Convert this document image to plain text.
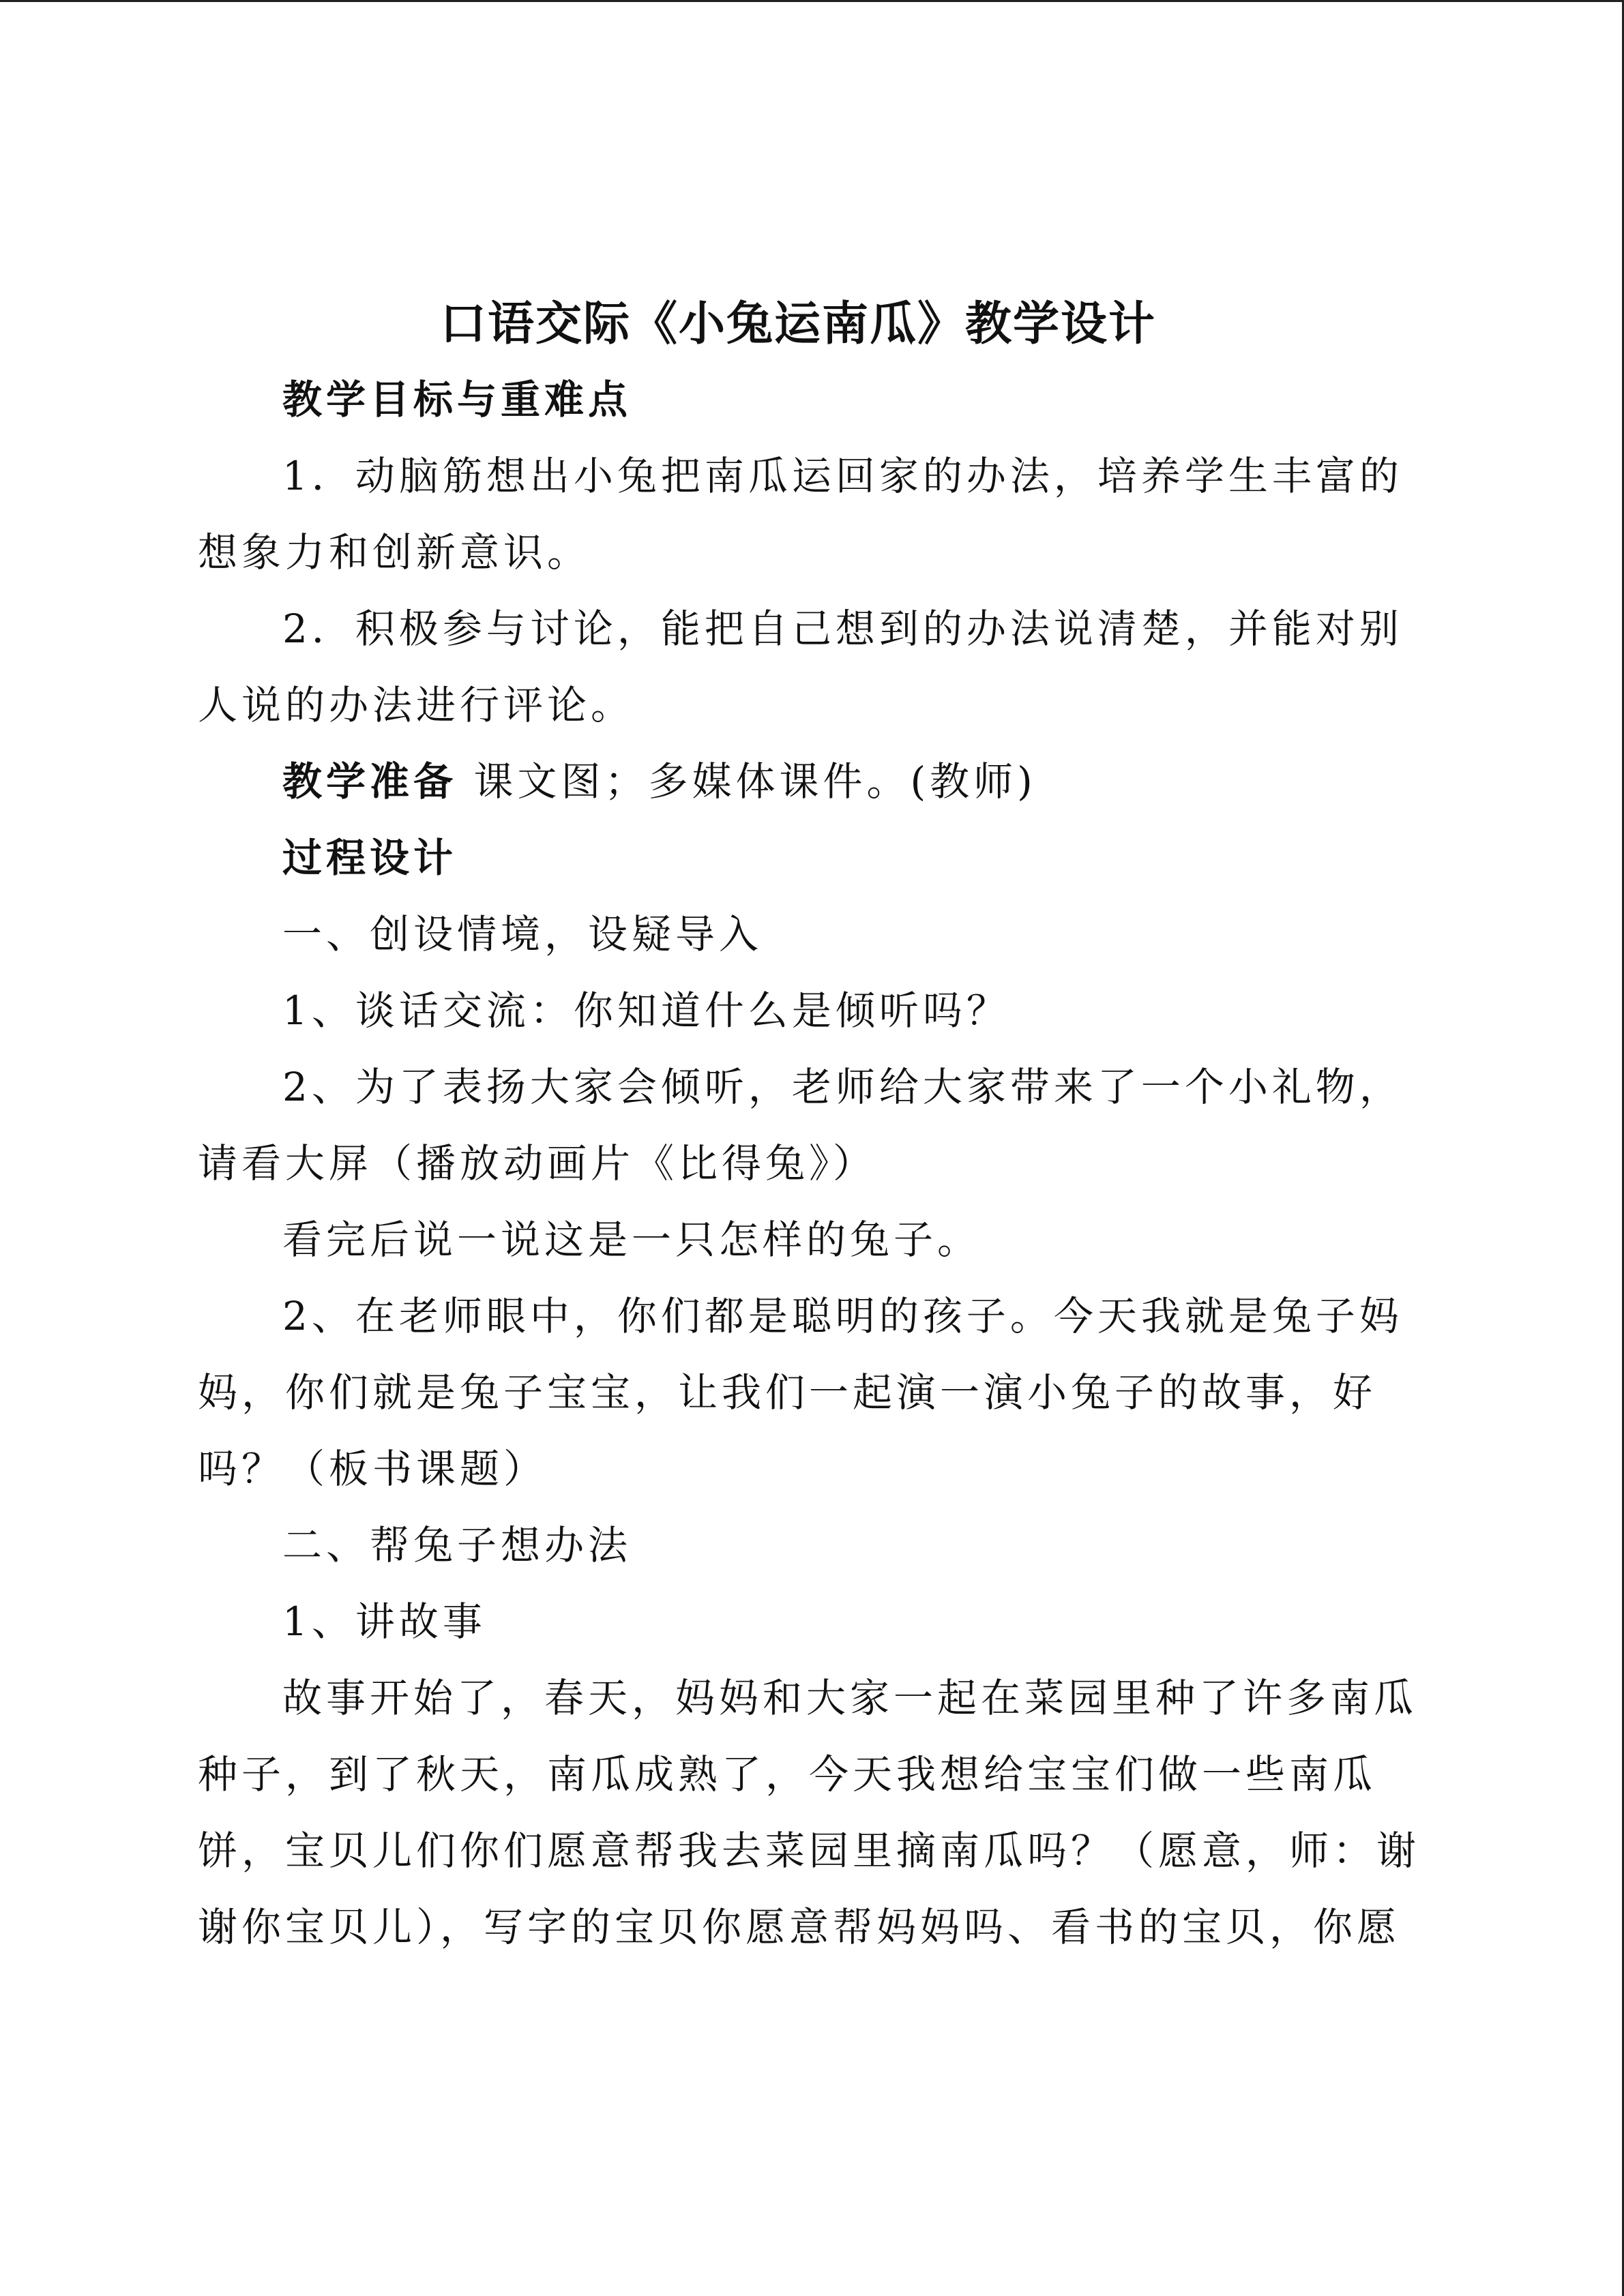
口语交际《小兔运南瓜》教学设计

教学目标与重难点

1．动脑筋想出小兔把南瓜运回家的办法，培养学生丰富的

想象力和创新意识。

2．积极参与讨论，能把自己想到的办法说清楚，并能对别

人说的办法进行评论。

教学准备 课文图；多媒体课件。(教师)

过程设计

一、创设情境，设疑导入

1、谈话交流：你知道什么是倾听吗？

2、为了表扬大家会倾听，老师给大家带来了一个小礼物，

请看大屏（播放动画片《比得兔》）

看完后说一说这是一只怎样的兔子。

2、在老师眼中，你们都是聪明的孩子。今天我就是兔子妈

妈，你们就是兔子宝宝，让我们一起演一演小兔子的故事，好

吗？（板书课题）

二、帮兔子想办法

1、讲故事

故事开始了，春天，妈妈和大家一起在菜园里种了许多南瓜

种子，到了秋天，南瓜成熟了，今天我想给宝宝们做一些南瓜

饼，宝贝儿们你们愿意帮我去菜园里摘南瓜吗？（愿意，师：谢

谢你宝贝儿），写字的宝贝你愿意帮妈妈吗、看书的宝贝，你愿
